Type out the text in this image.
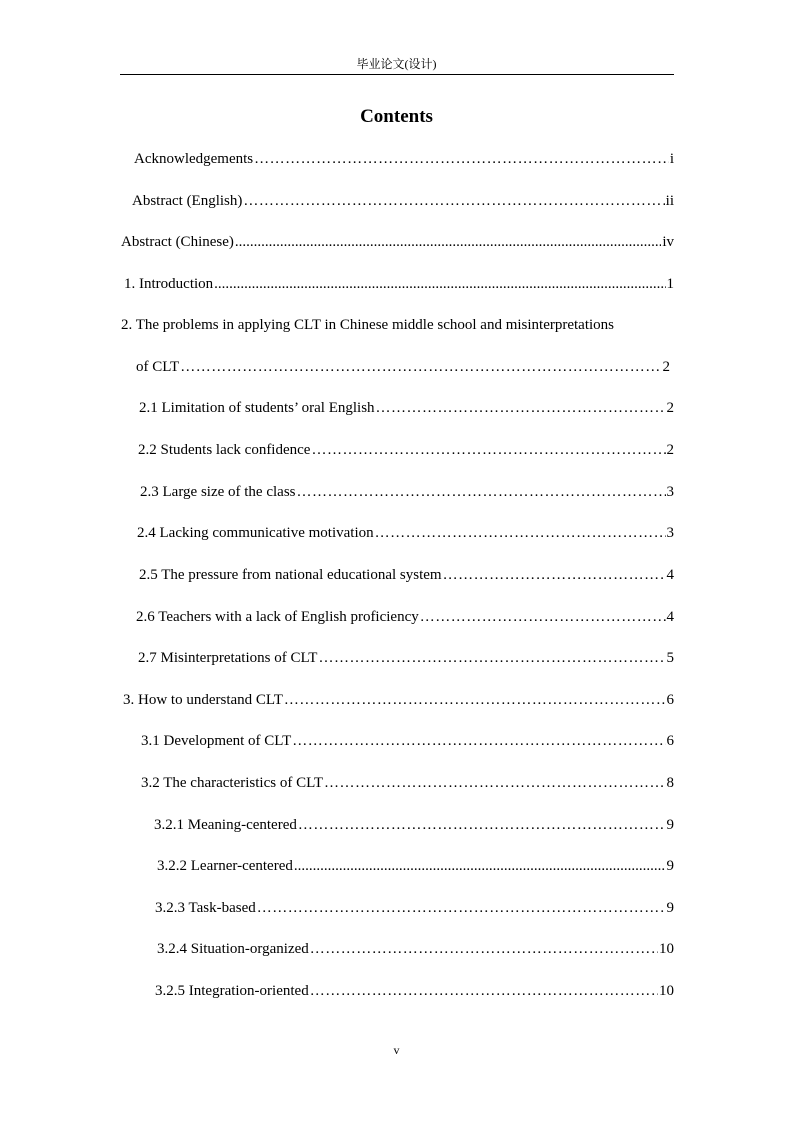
毕业论文(设计)
Contents
Acknowledgements …………………………………………………………………………………………………………………………………………………………………………………………………………………………………………………………………………	i
Abstract (English) …………………………………………………………………………………………………………………………………………………………………………………………………………………………………………………………………………	ii
Abstract (Chinese) .....	iv
1. Introduction .....	1
2. The problems in applying CLT in Chinese middle school and misinterpretations
of CLT …………………………………………………………………………………………………………………………………………………………………………………………………………………………………………………………………………	2
2.1 Limitation of students’ oral English …………………………………………………………………………………………………………………………………………………………………………………………………………………………………………………………………………	2
2.2 Students lack confidence …………………………………………………………………………………………………………………………………………………………………………………………………………………………………………………………………………	2
2.3 Large size of the class …………………………………………………………………………………………………………………………………………………………………………………………………………………………………………………………………………	3
2.4 Lacking communicative motivation …………………………………………………………………………………………………………………………………………………………………………………………………………………………………………………………………………	3
2.5 The pressure from national educational system …………………………………………………………………………………………………………………………………………………………………………………………………………………………………………………………………………	4
2.6 Teachers with a lack of English proficiency …………………………………………………………………………………………………………………………………………………………………………………………………………………………………………………………………………	4
2.7 Misinterpretations of CLT …………………………………………………………………………………………………………………………………………………………………………………………………………………………………………………………………………	5
3. How to understand CLT …………………………………………………………………………………………………………………………………………………………………………………………………………………………………………………………………………	6
3.1 Development of CLT …………………………………………………………………………………………………………………………………………………………………………………………………………………………………………………………………………	6
3.2 The characteristics of CLT …………………………………………………………………………………………………………………………………………………………………………………………………………………………………………………………………………	8
3.2.1 Meaning-centered …………………………………………………………………………………………………………………………………………………………………………………………………………………………………………………………………………	9
3.2.2 Learner-centered .....	9
3.2.3 Task-based …………………………………………………………………………………………………………………………………………………………………………………………………………………………………………………………………………	9
3.2.4 Situation-organized …………………………………………………………………………………………………………………………………………………………………………………………………………………………………………………………………………	10
3.2.5 Integration-oriented …………………………………………………………………………………………………………………………………………………………………………………………………………………………………………………………………………	10
v
